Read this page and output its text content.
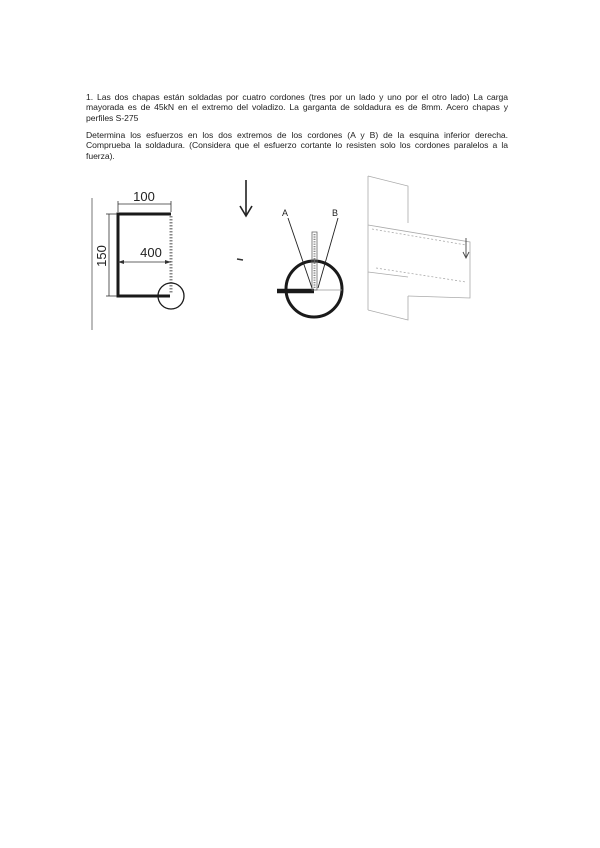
1. Las dos chapas están soldadas por cuatro cordones (tres por un lado y uno por el otro lado) La carga mayorada es de 45kN en el extremo del voladizo. La garganta de soldadura es de 8mm. Acero chapas y perfiles S-275
Determina los esfuerzos en los dos extremos de los cordones (A y B) de la esquina inferior derecha. Comprueba la soldadura. (Considera que el esfuerzo cortante lo resisten solo los cordones paralelos a la fuerza).
100
150 400
A	B
